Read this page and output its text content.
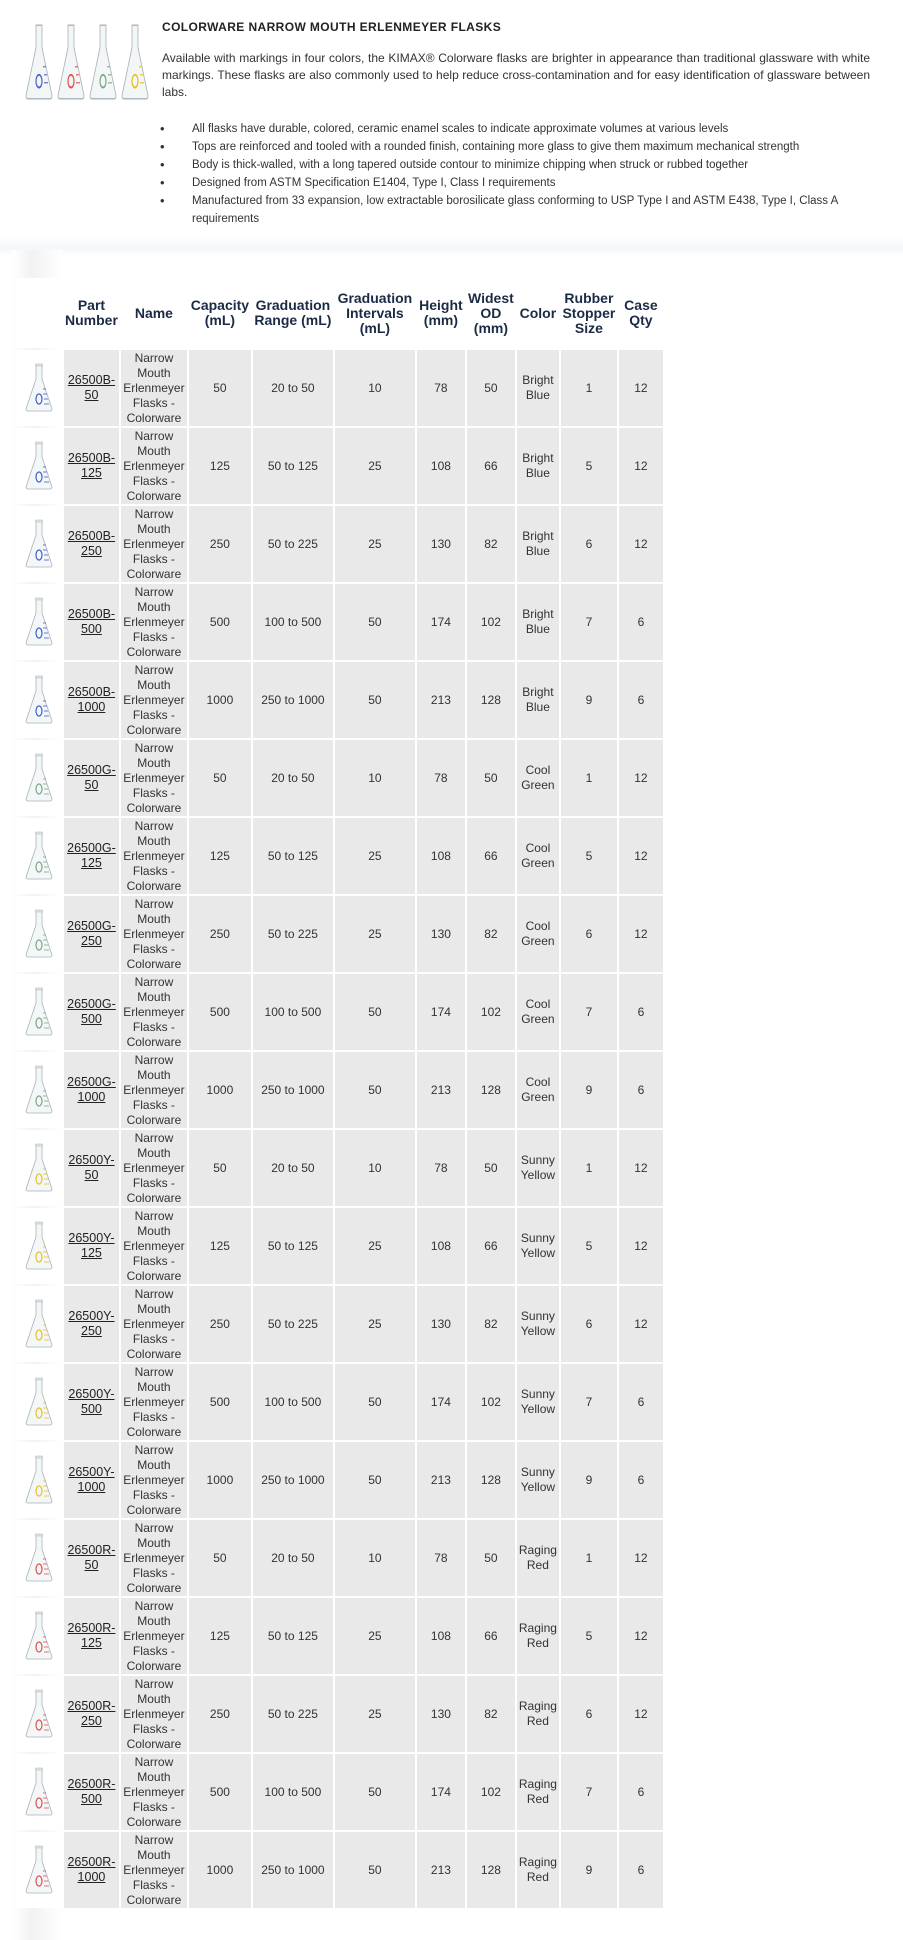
COLORWARE NARROW MOUTH ERLENMEYER FLASKS
Available with markings in four colors, the KIMAX® Colorware flasks are brighter in appearance than traditional glassware with white markings. These flasks are also commonly used to help reduce cross-contamination and for easy identification of glassware between labs.
• All flasks have durable, colored, ceramic enamel scales to indicate approximate volumes at various levels
• Tops are reinforced and tooled with a rounded finish, containing more glass to give them maximum mechanical strength
• Body is thick-walled, with a long tapered outside contour to minimize chipping when struck or rubbed together
• Designed from ASTM Specification E1404, Type I, Class I requirements
• Manufactured from 33 expansion, low extractable borosilicate glass conforming to USP Type I and ASTM E438, Type I, Class A requirements
	Part Number	Name	Capacity (mL)	Graduation Range (mL)	Graduation Intervals (mL)	Height (mm)	Widest OD (mm)	Color	Rubber Stopper Size	Case Qty

	26500B-50	Narrow Mouth Erlenmeyer Flasks - Colorware	50	20 to 50	10	78	50	Bright Blue	1	12

	26500B-125	Narrow Mouth Erlenmeyer Flasks - Colorware	125	50 to 125	25	108	66	Bright Blue	5	12

	26500B-250	Narrow Mouth Erlenmeyer Flasks - Colorware	250	50 to 225	25	130	82	Bright Blue	6	12

	26500B-500	Narrow Mouth Erlenmeyer Flasks - Colorware	500	100 to 500	50	174	102	Bright Blue	7	6

	26500B-1000	Narrow Mouth Erlenmeyer Flasks - Colorware	1000	250 to 1000	50	213	128	Bright Blue	9	6

	26500G-50	Narrow Mouth Erlenmeyer Flasks - Colorware	50	20 to 50	10	78	50	Cool Green	1	12

	26500G-125	Narrow Mouth Erlenmeyer Flasks - Colorware	125	50 to 125	25	108	66	Cool Green	5	12

	26500G-250	Narrow Mouth Erlenmeyer Flasks - Colorware	250	50 to 225	25	130	82	Cool Green	6	12

	26500G-500	Narrow Mouth Erlenmeyer Flasks - Colorware	500	100 to 500	50	174	102	Cool Green	7	6

	26500G-1000	Narrow Mouth Erlenmeyer Flasks - Colorware	1000	250 to 1000	50	213	128	Cool Green	9	6

	26500Y-50	Narrow Mouth Erlenmeyer Flasks - Colorware	50	20 to 50	10	78	50	Sunny Yellow	1	12

	26500Y-125	Narrow Mouth Erlenmeyer Flasks - Colorware	125	50 to 125	25	108	66	Sunny Yellow	5	12

	26500Y-250	Narrow Mouth Erlenmeyer Flasks - Colorware	250	50 to 225	25	130	82	Sunny Yellow	6	12

	26500Y-500	Narrow Mouth Erlenmeyer Flasks - Colorware	500	100 to 500	50	174	102	Sunny Yellow	7	6

	26500Y-1000	Narrow Mouth Erlenmeyer Flasks - Colorware	1000	250 to 1000	50	213	128	Sunny Yellow	9	6

	26500R-50	Narrow Mouth Erlenmeyer Flasks - Colorware	50	20 to 50	10	78	50	Raging Red	1	12

	26500R-125	Narrow Mouth Erlenmeyer Flasks - Colorware	125	50 to 125	25	108	66	Raging Red	5	12

	26500R-250	Narrow Mouth Erlenmeyer Flasks - Colorware	250	50 to 225	25	130	82	Raging Red	6	12

	26500R-500	Narrow Mouth Erlenmeyer Flasks - Colorware	500	100 to 500	50	174	102	Raging Red	7	6

	26500R-1000	Narrow Mouth Erlenmeyer Flasks - Colorware	1000	250 to 1000	50	213	128	Raging Red	9	6
